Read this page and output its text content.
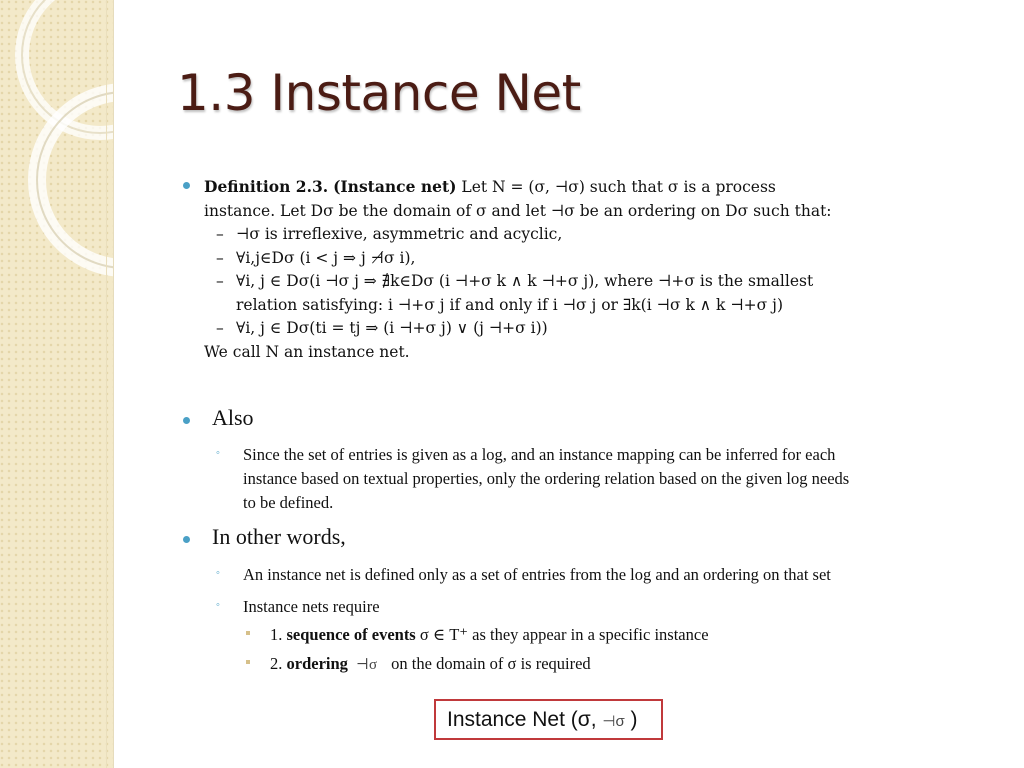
1.3 Instance Net
Definition 2.3. (Instance net) Let N = (σ, ⊣σ) such that σ is a process
instance. Let Dσ be the domain of σ and let ⊣σ be an ordering on Dσ such that:
– ⊣σ is irreflexive, asymmetric and acyclic,
– ∀i,j∈Dσ (i < j ⇒ j ⊣̸σ i),
– ∀i, j ∈ Dσ(i ⊣σ j ⇒ ∄k∈Dσ (i ⊣+σ k ∧ k ⊣+σ j), where ⊣+σ is the smallest
relation satisfying: i ⊣+σ j if and only if i ⊣σ j or ∃k(i ⊣σ k ∧ k ⊣+σ j)
– ∀i, j ∈ Dσ(ti = tj ⇒ (i ⊣+σ j) ∨ (j ⊣+σ i))
We call N an instance net.
Also
◦ Since the set of entries is given as a log, and an instance mapping can be inferred for each
instance based on textual properties, only the ordering relation based on the given log needs
to be defined.
In other words,
◦ An instance net is defined only as a set of entries from the log and an ordering on that set
◦ Instance nets require
1. sequence of events σ ∈ T⁺ as they appear in a specific instance
2. ordering ⊣σ on the domain of σ is required
Instance Net (σ, ⊣σ )
